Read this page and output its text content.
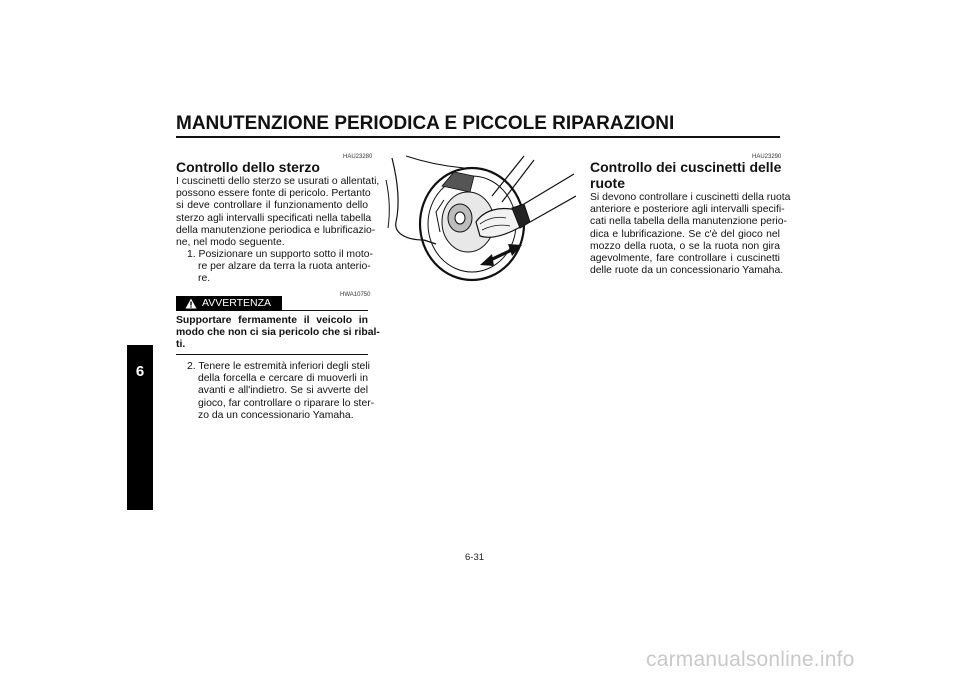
MANUTENZIONE PERIODICA E PICCOLE RIPARAZIONI
6
HAU23280
Controllo dello sterzo
I cuscinetti dello sterzo se usurati o allentati,
possono essere fonte di pericolo. Pertanto
si deve controllare il funzionamento dello
sterzo agli intervalli specificati nella tabella
della manutenzione periodica e lubrificazio-
ne, nel modo seguente.
1. Posizionare un supporto sotto il moto-
re per alzare da terra la ruota anterio-
re.
HWA10750
AVVERTENZA
Supportare fermamente il veicolo in
modo che non ci sia pericolo che si ribal-
ti.
2. Tenere le estremità inferiori degli steli
della forcella e cercare di muoverli in
avanti e all'indietro. Se si avverte del
gioco, far controllare o riparare lo ster-
zo da un concessionario Yamaha.
HAU23290
Controllo dei cuscinetti delle
ruote
Si devono controllare i cuscinetti della ruota
anteriore e posteriore agli intervalli specifi-
cati nella tabella della manutenzione perio-
dica e lubrificazione. Se c'è del gioco nel
mozzo della ruota, o se la ruota non gira
agevolmente, fare controllare i cuscinetti
delle ruote da un concessionario Yamaha.
6-31
carmanualsonline.info
